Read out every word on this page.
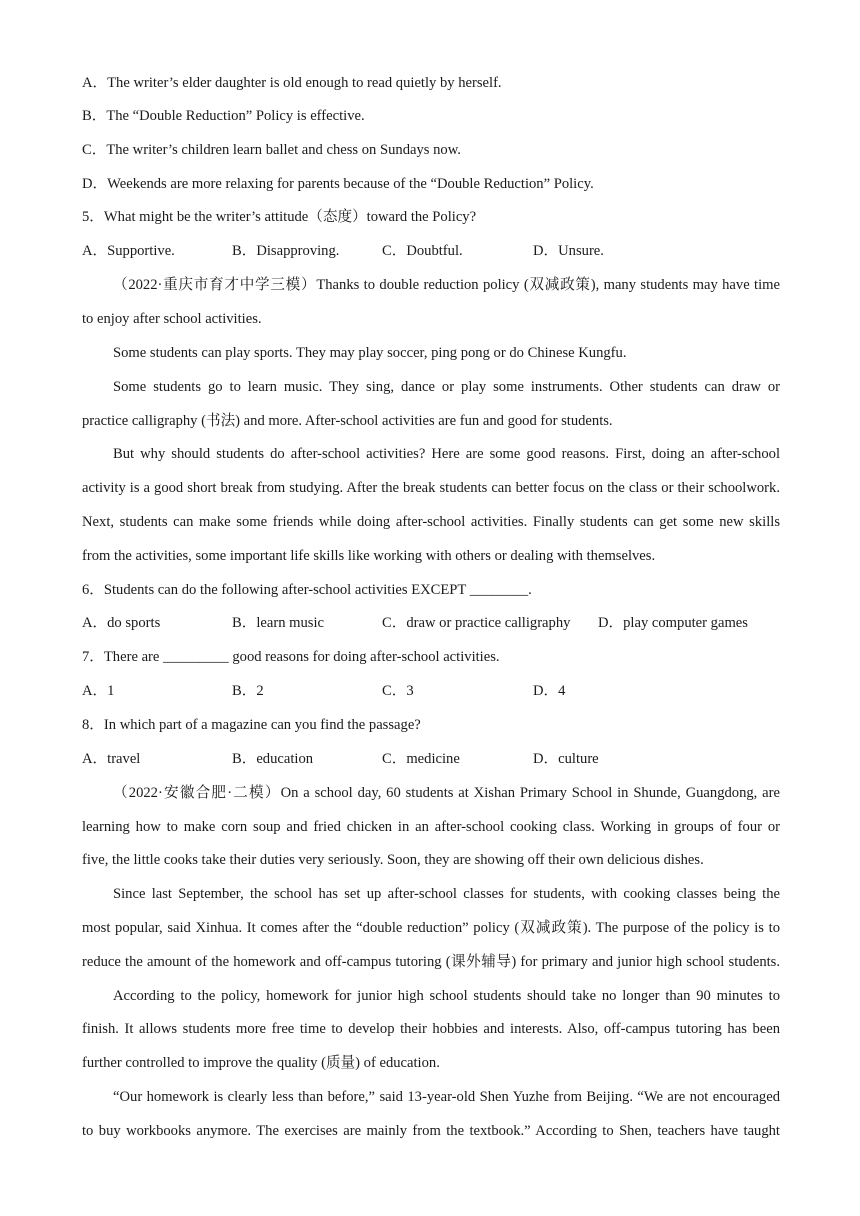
A．The writer’s elder daughter is old enough to read quietly by herself.
B．The “Double Reduction” Policy is effective.
C．The writer’s children learn ballet and chess on Sundays now.
D．Weekends are more relaxing for parents because of the “Double Reduction” Policy.
5．What might be the writer’s attitude（态度）toward the Policy?
A．Supportive.	B．Disapproving.	C．Doubtful.	D．Unsure.
（2022·重庆市育才中学三模）Thanks to double reduction policy (双减政策), many students may have time
to enjoy after school activities.
Some students can play sports. They may play soccer, ping pong or do Chinese Kungfu.
Some students go to learn music. They sing, dance or play some instruments. Other students can draw or
practice calligraphy (书法) and more. After-school activities are fun and good for students.
But why should students do after-school activities? Here are some good reasons. First, doing an after-school
activity is a good short break from studying. After the break students can better focus on the class or their schoolwork.
Next, students can make some friends while doing after-school activities. Finally students can get some new skills
from the activities, some important life skills like working with others or dealing with themselves.
6．Students can do the following after-school activities EXCEPT ________.
A．do sports	B．learn music	C．draw or practice calligraphy D．play computer games
7．There are _________ good reasons for doing after-school activities.
A．1	B．2	C．3	D．4
8．In which part of a magazine can you find the passage?
A．travel	B．education	C．medicine	D．culture
（2022·安徽合肥·二模）On a school day, 60 students at Xishan Primary School in Shunde, Guangdong, are
learning how to make corn soup and fried chicken in an after-school cooking class. Working in groups of four or
five, the little cooks take their duties very seriously. Soon, they are showing off their own delicious dishes.
Since last September, the school has set up after-school classes for students, with cooking classes being the
most popular, said Xinhua. It comes after the “double reduction” policy (双减政策). The purpose of the policy is to
reduce the amount of the homework and off-campus tutoring (课外辅导) for primary and junior high school students.
According to the policy, homework for junior high school students should take no longer than 90 minutes to
finish. It allows students more free time to develop their hobbies and interests. Also, off-campus tutoring has been
further controlled to improve the quality (质量) of education.
“Our homework is clearly less than before,” said 13-year-old Shen Yuzhe from Beijing. “We are not encouraged
to buy workbooks anymore. The exercises are mainly from the textbook.” According to Shen, teachers have taught
